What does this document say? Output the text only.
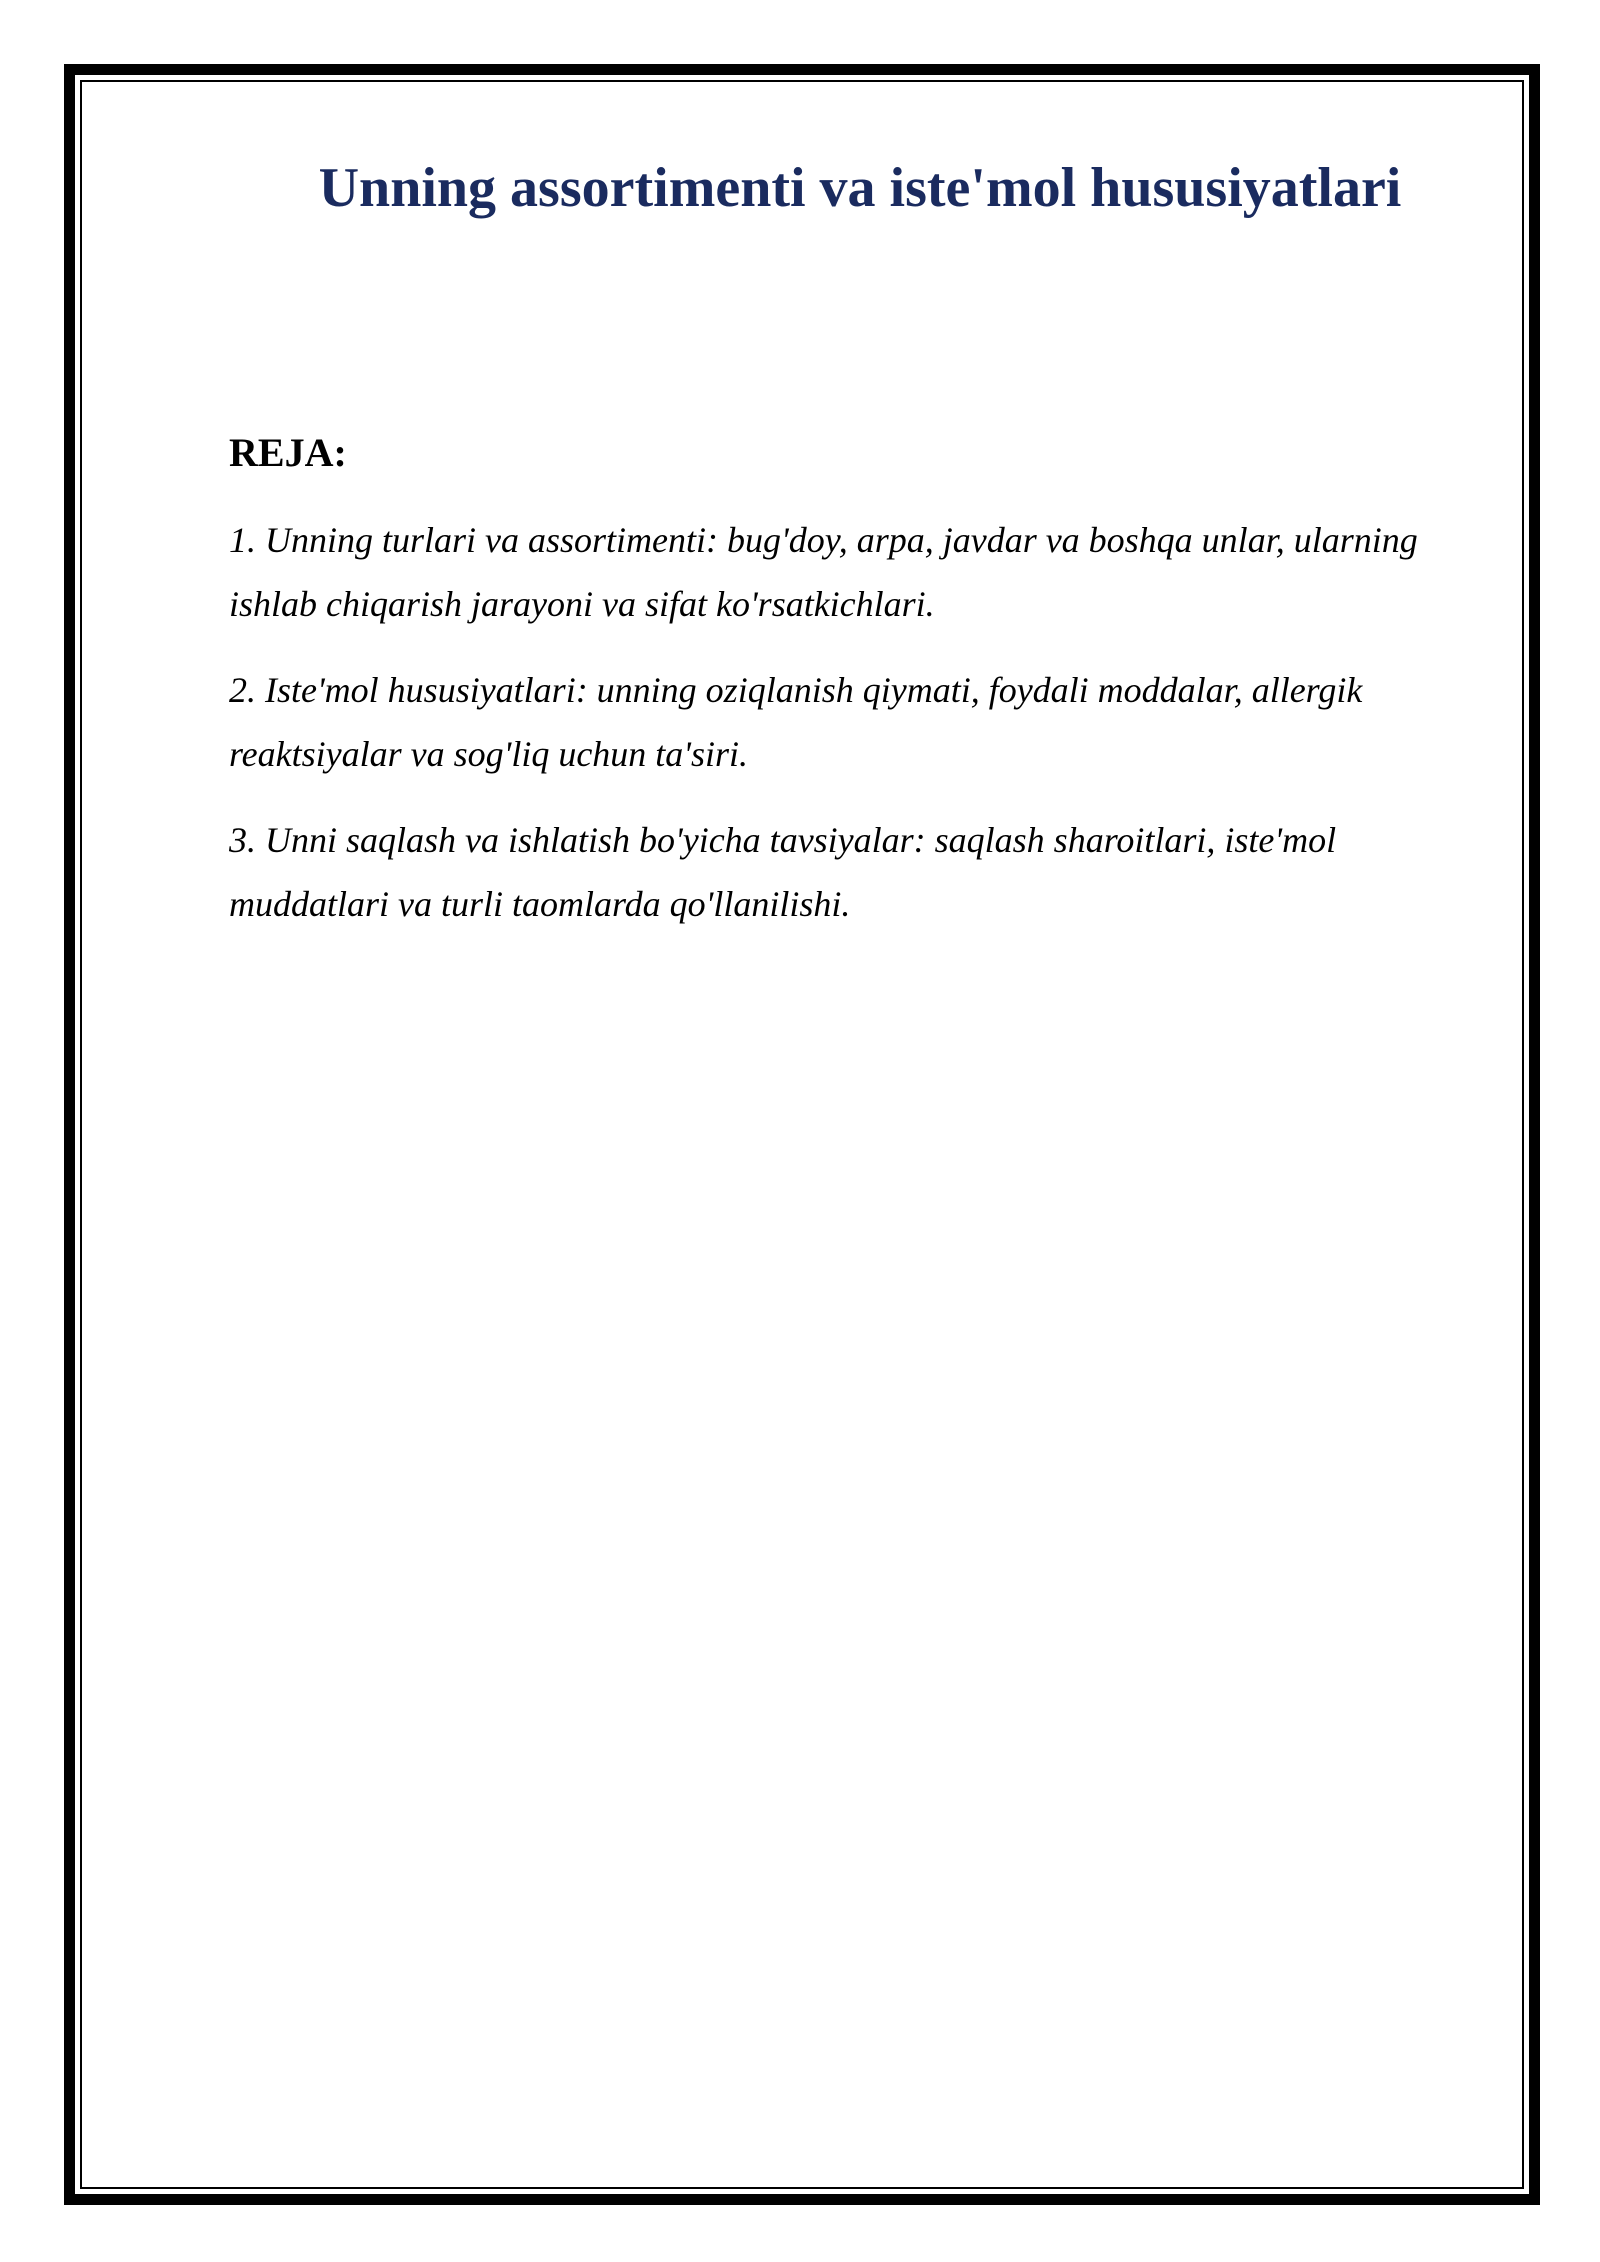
Unning assortimenti va iste'mol hususiyatlari

REJA:

1. Unning turlari va assortimenti: bug'doy, arpa, javdar va boshqa unlar, ularning ishlab chiqarish jarayoni va sifat ko'rsatkichlari.

2. Iste'mol hususiyatlari: unning oziqlanish qiymati, foydali moddalar, allergik reaktsiyalar va sog'liq uchun ta'siri.

3. Unni saqlash va ishlatish bo'yicha tavsiyalar: saqlash sharoitlari, iste'mol muddatlari va turli taomlarda qo'llanilishi.
